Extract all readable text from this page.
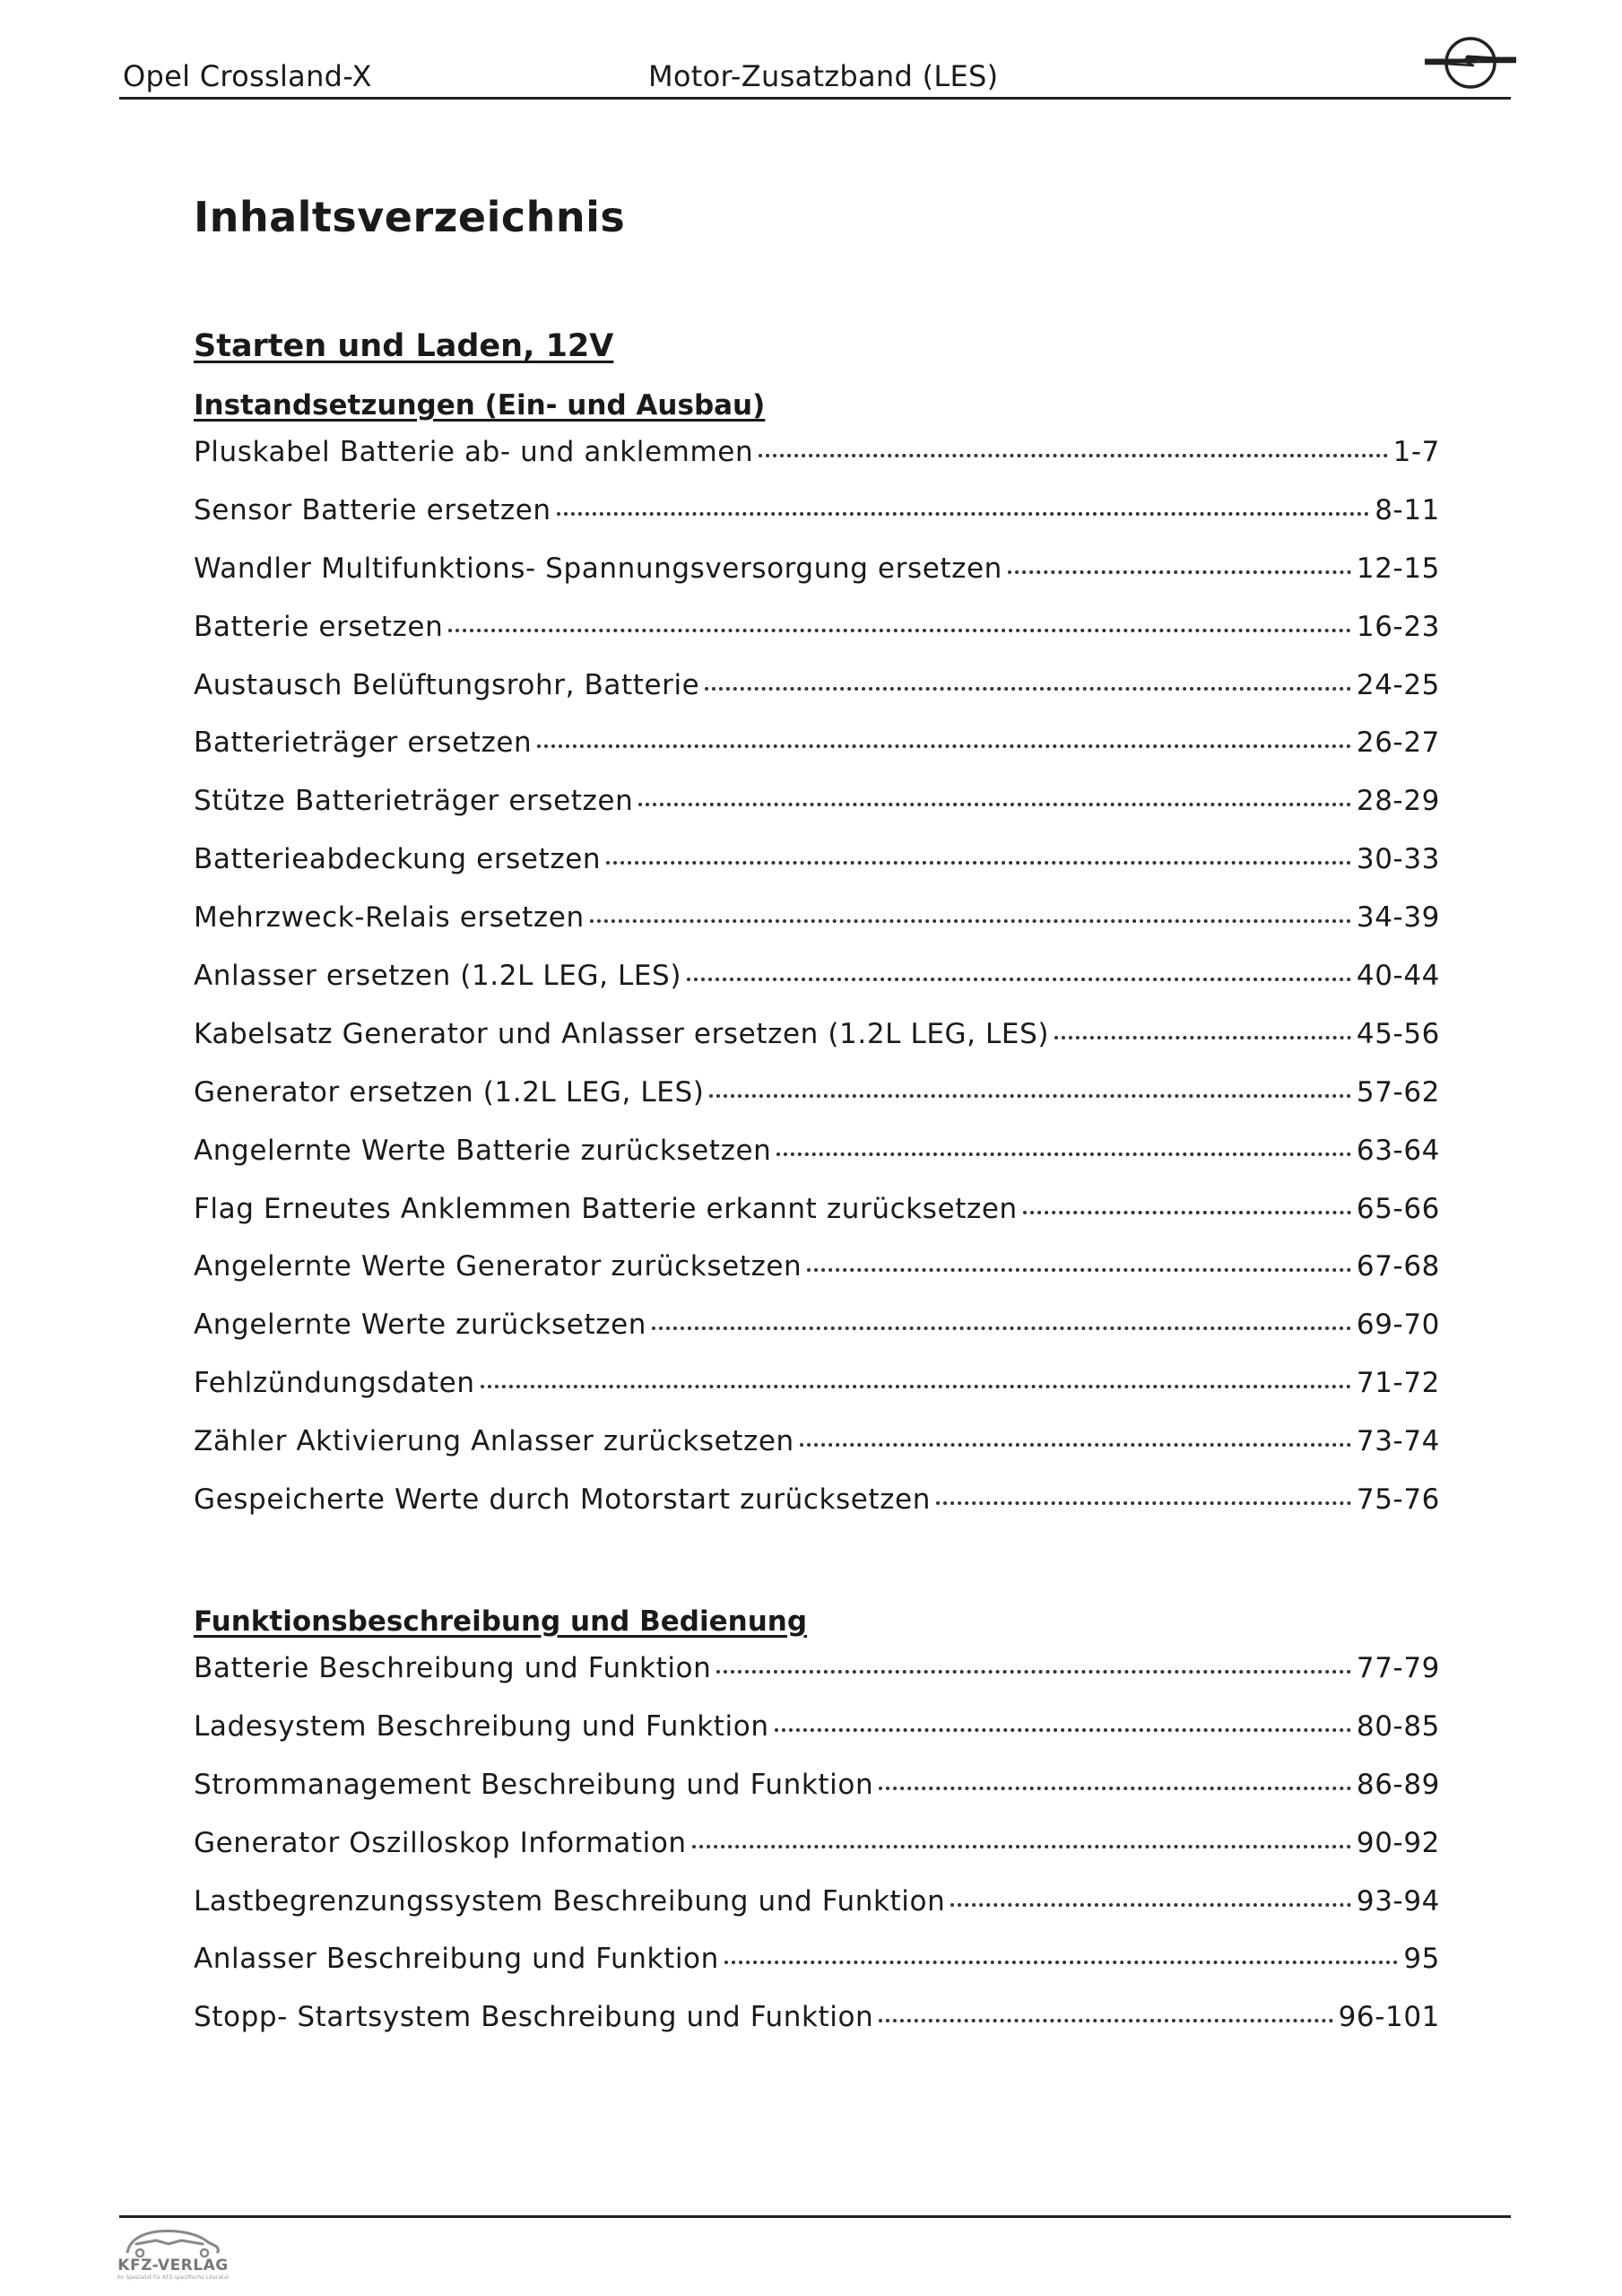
Opel Crossland-X	Motor-Zusatzband (LES)
Inhaltsverzeichnis
Starten und Laden, 12V
Instandsetzungen (Ein- und Ausbau)
Pluskabel Batterie ab- und anklemmen	1-7
Sensor Batterie ersetzen	8-11
Wandler Multifunktions- Spannungsversorgung ersetzen	12-15
Batterie ersetzen	16-23
Austausch Belüftungsrohr, Batterie	24-25
Batterieträger ersetzen	26-27
Stütze Batterieträger ersetzen	28-29
Batterieabdeckung ersetzen	30-33
Mehrzweck-Relais ersetzen	34-39
Anlasser ersetzen (1.2L LEG, LES)	40-44
Kabelsatz Generator und Anlasser ersetzen (1.2L LEG, LES)	45-56
Generator ersetzen (1.2L LEG, LES)	57-62
Angelernte Werte Batterie zurücksetzen	63-64
Flag Erneutes Anklemmen Batterie erkannt zurücksetzen	65-66
Angelernte Werte Generator zurücksetzen	67-68
Angelernte Werte zurücksetzen	69-70
Fehlzündungsdaten	71-72
Zähler Aktivierung Anlasser zurücksetzen	73-74
Gespeicherte Werte durch Motorstart zurücksetzen	75-76
Funktionsbeschreibung und Bedienung
Batterie Beschreibung und Funktion	77-79
Ladesystem Beschreibung und Funktion	80-85
Strommanagement Beschreibung und Funktion	86-89
Generator Oszilloskop Information	90-92
Lastbegrenzungssystem Beschreibung und Funktion	93-94
Anlasser Beschreibung und Funktion	95
Stopp- Startsystem Beschreibung und Funktion	96-101
KFZ-VERLAG
Ihr Spezialist für KFZ-spezifische Literatur
